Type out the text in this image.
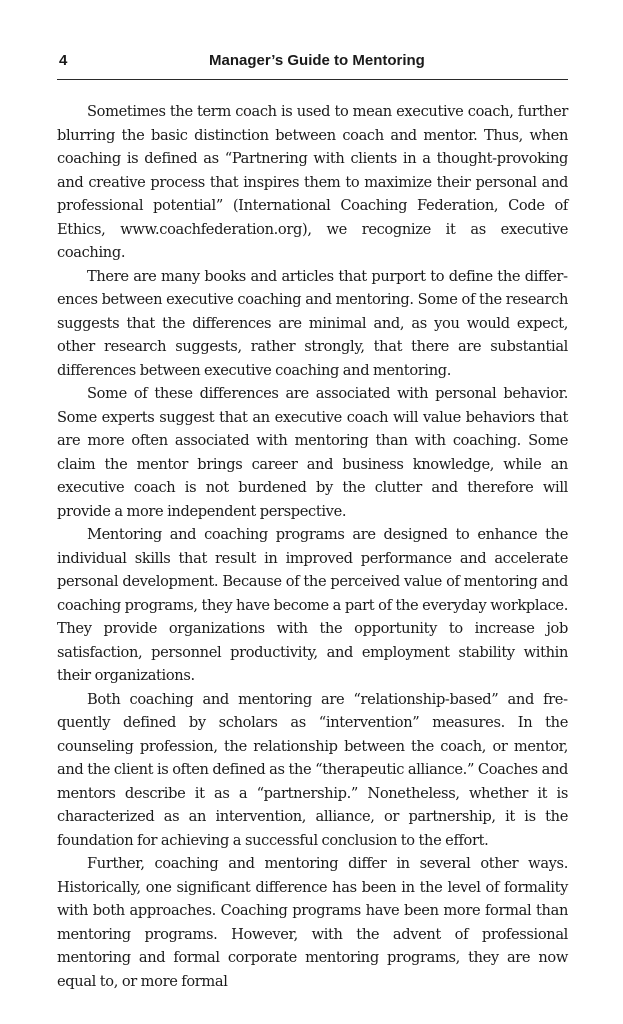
4	Manager’s Guide to Mentoring

Sometimes the term coach is used to mean executive coach, further blurring the basic distinction between coach and mentor. Thus, when coaching is defined as “Partnering with clients in a thought-provoking and creative process that inspires them to maximize their personal and professional potential” (International Coaching Federation, Code of Ethics, www.coachfederation.org), we recognize it as executive coaching.

There are many books and articles that purport to define the differences between executive coaching and mentoring. Some of the research suggests that the differences are minimal and, as you would expect, other research suggests, rather strongly, that there are substantial differences between executive coaching and mentoring.

Some of these differences are associated with personal behavior. Some experts suggest that an executive coach will value behaviors that are more often associated with mentoring than with coaching. Some claim the mentor brings career and business knowledge, while an executive coach is not burdened by the clutter and therefore will provide a more independent perspective.

Mentoring and coaching programs are designed to enhance the individual skills that result in improved performance and accelerate personal development. Because of the perceived value of mentoring and coaching programs, they have become a part of the everyday workplace. They provide organizations with the opportunity to increase job satisfaction, personnel productivity, and employment stability within their organizations.

Both coaching and mentoring are “relationship-based” and frequently defined by scholars as “intervention” measures. In the counseling profession, the relationship between the coach, or mentor, and the client is often defined as the “therapeutic alliance.” Coaches and mentors describe it as a “partnership.” Nonetheless, whether it is characterized as an intervention, alliance, or partnership, it is the foundation for achieving a successful conclusion to the effort.

Further, coaching and mentoring differ in several other ways. Historically, one significant difference has been in the level of formality with both approaches. Coaching programs have been more formal than mentoring programs. However, with the advent of professional mentoring and formal corporate mentoring programs, they are now equal to, or more formal
